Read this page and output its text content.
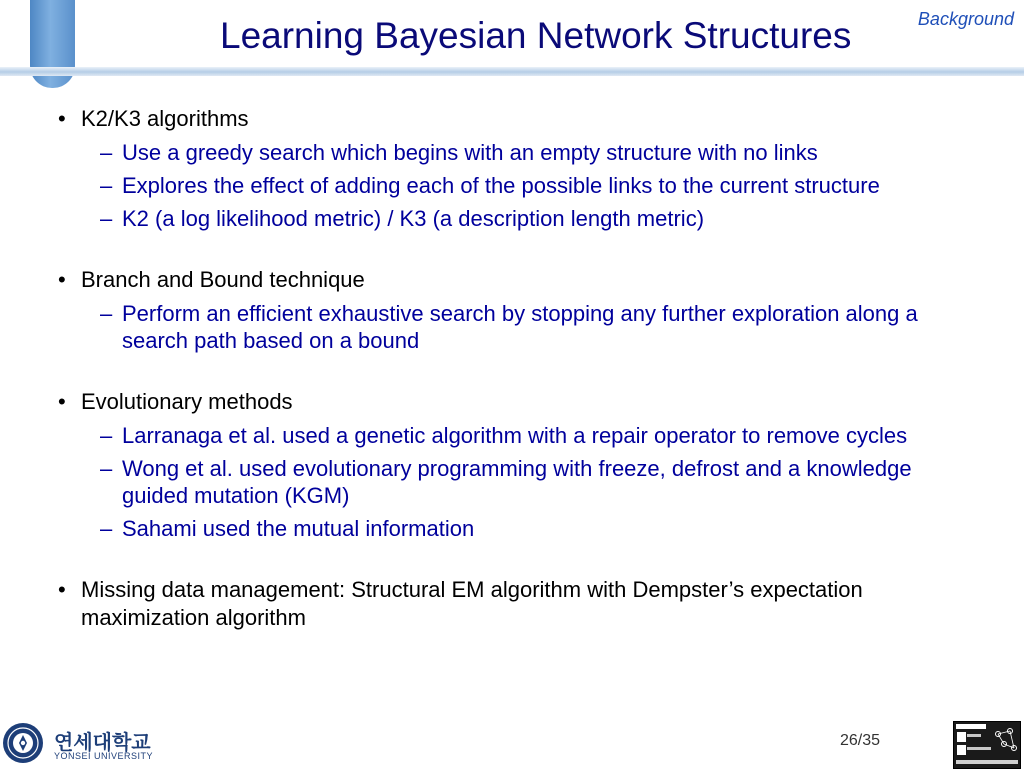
Learning Bayesian Network Structures	Background
• K2/K3 algorithms
– Use a greedy search which begins with an empty structure with no links
– Explores the effect of adding each of the possible links to the current structure
– K2 (a log likelihood metric) / K3 (a description length metric)
• Branch and Bound technique
– Perform an efficient exhaustive search by stopping any further exploration along a search path based on a bound
• Evolutionary methods
– Larranaga et al. used a genetic algorithm with a repair operator to remove cycles
– Wong et al. used evolutionary programming with freeze, defrost and a knowledge guided mutation (KGM)
– Sahami used the mutual information
• Missing data management: Structural EM algorithm with Dempster’s expectation maximization algorithm
연세대학교
YONSEI UNIVERSITY
26/35
